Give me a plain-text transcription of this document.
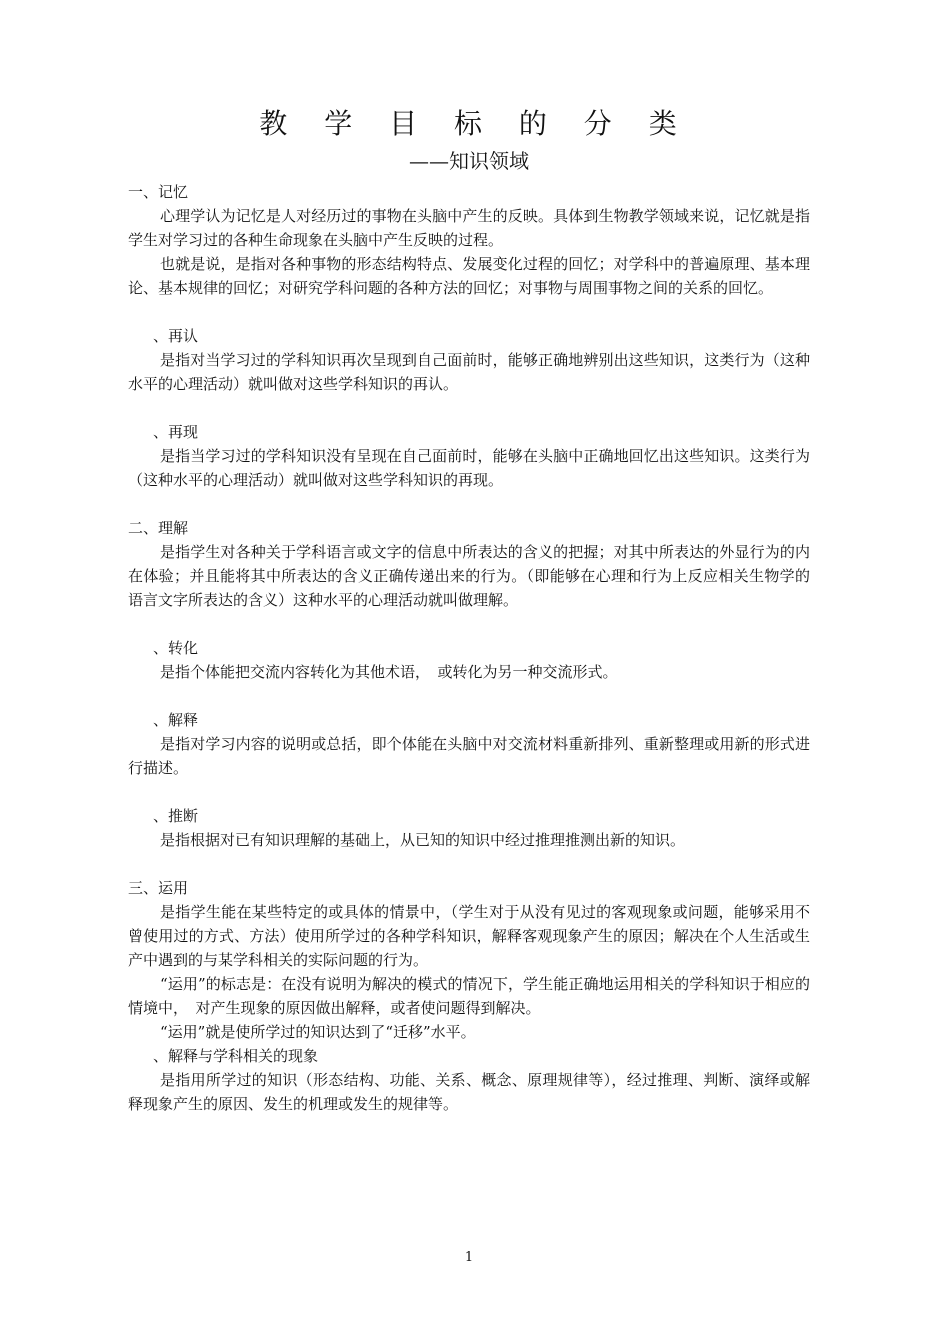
教 学 目 标 的 分 类
——知识领域

一、记忆

心理学认为记忆是人对经历过的事物在头脑中产生的反映。具体到生物教学领域来说，记忆就是指学生对学习过的各种生命现象在头脑中产生反映的过程。

也就是说，是指对各种事物的形态结构特点、发展变化过程的回忆；对学科中的普遍原理、基本理论、基本规律的回忆；对研究学科问题的各种方法的回忆；对事物与周围事物之间的关系的回忆。

、再认

是指对当学习过的学科知识再次呈现到自己面前时，能够正确地辨别出这些知识，这类行为（这种水平的心理活动）就叫做对这些学科知识的再认。

、再现

是指当学习过的学科知识没有呈现在自己面前时，能够在头脑中正确地回忆出这些知识。这类行为（这种水平的心理活动）就叫做对这些学科知识的再现。

二、理解

是指学生对各种关于学科语言或文字的信息中所表达的含义的把握；对其中所表达的外显行为的内在体验；并且能将其中所表达的含义正确传递出来的行为。（即能够在心理和行为上反应相关生物学的语言文字所表达的含义）这种水平的心理活动就叫做理解。

、转化

是指个体能把交流内容转化为其他术语，　或转化为另一种交流形式。

、解释

是指对学习内容的说明或总括，即个体能在头脑中对交流材料重新排列、重新整理或用新的形式进行描述。

、推断

是指根据对已有知识理解的基础上，从已知的知识中经过推理推测出新的知识。

三、运用

是指学生能在某些特定的或具体的情景中，（学生对于从没有见过的客观现象或问题，能够采用不曾使用过的方式、方法）使用所学过的各种学科知识，解释客观现象产生的原因；解决在个人生活或生产中遇到的与某学科相关的实际问题的行为。

“运用”的标志是：在没有说明为解决的模式的情况下，学生能正确地运用相关的学科知识于相应的情境中，　对产生现象的原因做出解释，或者使问题得到解决。

“运用”就是使所学过的知识达到了“迁移”水平。

、解释与学科相关的现象

是指用所学过的知识（形态结构、功能、关系、概念、原理规律等），经过推理、判断、演绎或解释现象产生的原因、发生的机理或发生的规律等。

1
